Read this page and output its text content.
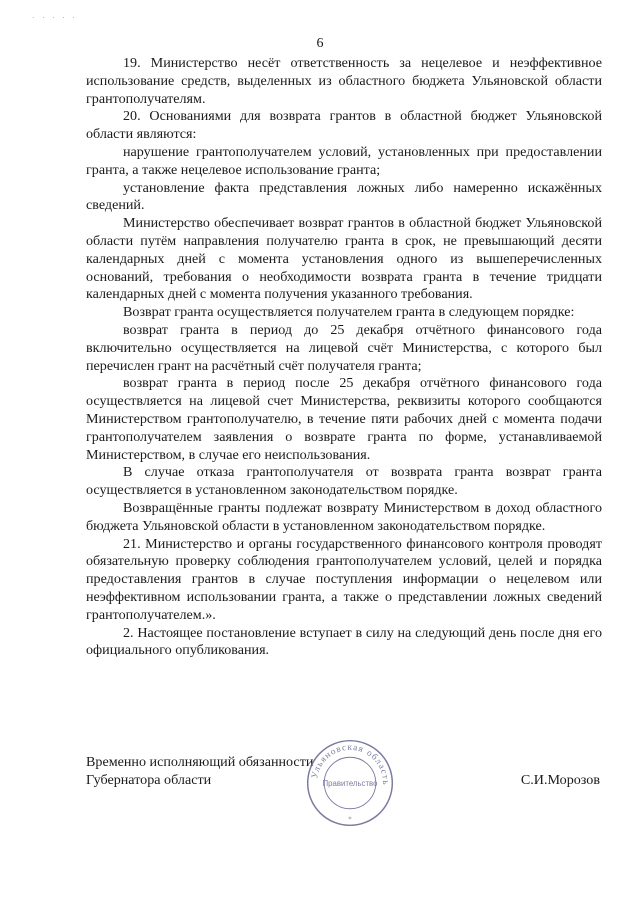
· · · · ·
6

19. Министерство несёт ответственность за нецелевое и неэффективное использование средств, выделенных из областного бюджета Ульяновской области грантополучателям.

20. Основаниями для возврата грантов в областной бюджет Ульяновской области являются:

нарушение грантополучателем условий, установленных при предоставлении гранта, а также нецелевое использование гранта;

установление факта представления ложных либо намеренно искажённых сведений.

Министерство обеспечивает возврат грантов в областной бюджет Ульяновской области путём направления получателю гранта в срок, не превышающий десяти календарных дней с момента установления одного из вышеперечисленных оснований, требования о необходимости возврата гранта в течение тридцати календарных дней с момента получения указанного требования.

Возврат гранта осуществляется получателем гранта в следующем порядке:

возврат гранта в период до 25 декабря отчётного финансового года включительно осуществляется на лицевой счёт Министерства, с которого был перечислен грант на расчётный счёт получателя гранта;

возврат гранта в период после 25 декабря отчётного финансового года осуществляется на лицевой счет Министерства, реквизиты которого сообщаются Министерством грантополучателю, в течение пяти рабочих дней с момента подачи грантополучателем заявления о возврате гранта по форме, устанавливаемой Министерством, в случае его неиспользования.

В случае отказа грантополучателя от возврата гранта возврат гранта осуществляется в установленном законодательством порядке.

Возвращённые гранты подлежат возврату Министерством в доход областного бюджета Ульяновской области в установленном законодательством порядке.

21. Министерство и органы государственного финансового контроля проводят обязательную проверку соблюдения грантополучателем условий, целей и порядка предоставления грантов в случае поступления информации о нецелевом или неэффективном использовании гранта, а также о представлении ложных сведений грантополучателем.».

2. Настоящее постановление вступает в силу на следующий день после дня его официального опубликования.

Временно исполняющий обязанности
Губернатора области	С.И.Морозов
Ульяновская область
Правительство
*
